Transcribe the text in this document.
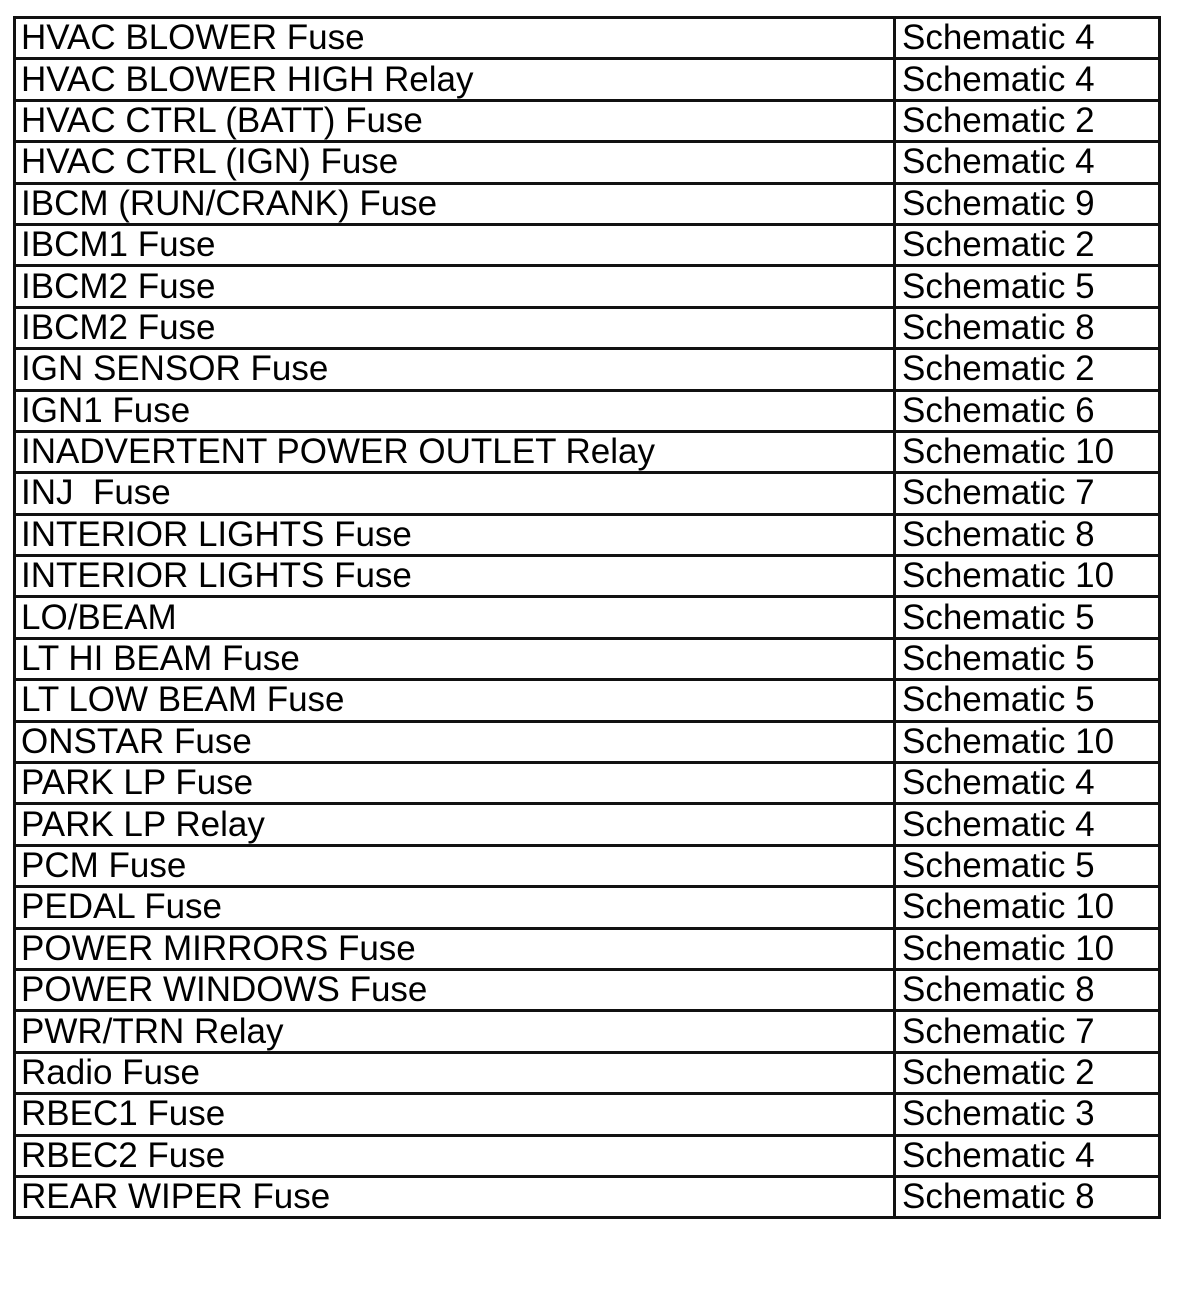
HVAC BLOWER Fuse	Schematic 4
HVAC BLOWER HIGH Relay	Schematic 4
HVAC CTRL (BATT) Fuse	Schematic 2
HVAC CTRL (IGN) Fuse	Schematic 4
IBCM (RUN/CRANK) Fuse	Schematic 9
IBCM1 Fuse	Schematic 2
IBCM2 Fuse	Schematic 5
IBCM2 Fuse	Schematic 8
IGN SENSOR Fuse	Schematic 2
IGN1 Fuse	Schematic 6
INADVERTENT POWER OUTLET Relay	Schematic 10
INJ  Fuse	Schematic 7
INTERIOR LIGHTS Fuse	Schematic 8
INTERIOR LIGHTS Fuse	Schematic 10
LO/BEAM	Schematic 5
LT HI BEAM Fuse	Schematic 5
LT LOW BEAM Fuse	Schematic 5
ONSTAR Fuse	Schematic 10
PARK LP Fuse	Schematic 4
PARK LP Relay	Schematic 4
PCM Fuse	Schematic 5
PEDAL Fuse	Schematic 10
POWER MIRRORS Fuse	Schematic 10
POWER WINDOWS Fuse	Schematic 8
PWR/TRN Relay	Schematic 7
Radio Fuse	Schematic 2
RBEC1 Fuse	Schematic 3
RBEC2 Fuse	Schematic 4
REAR WIPER Fuse	Schematic 8
